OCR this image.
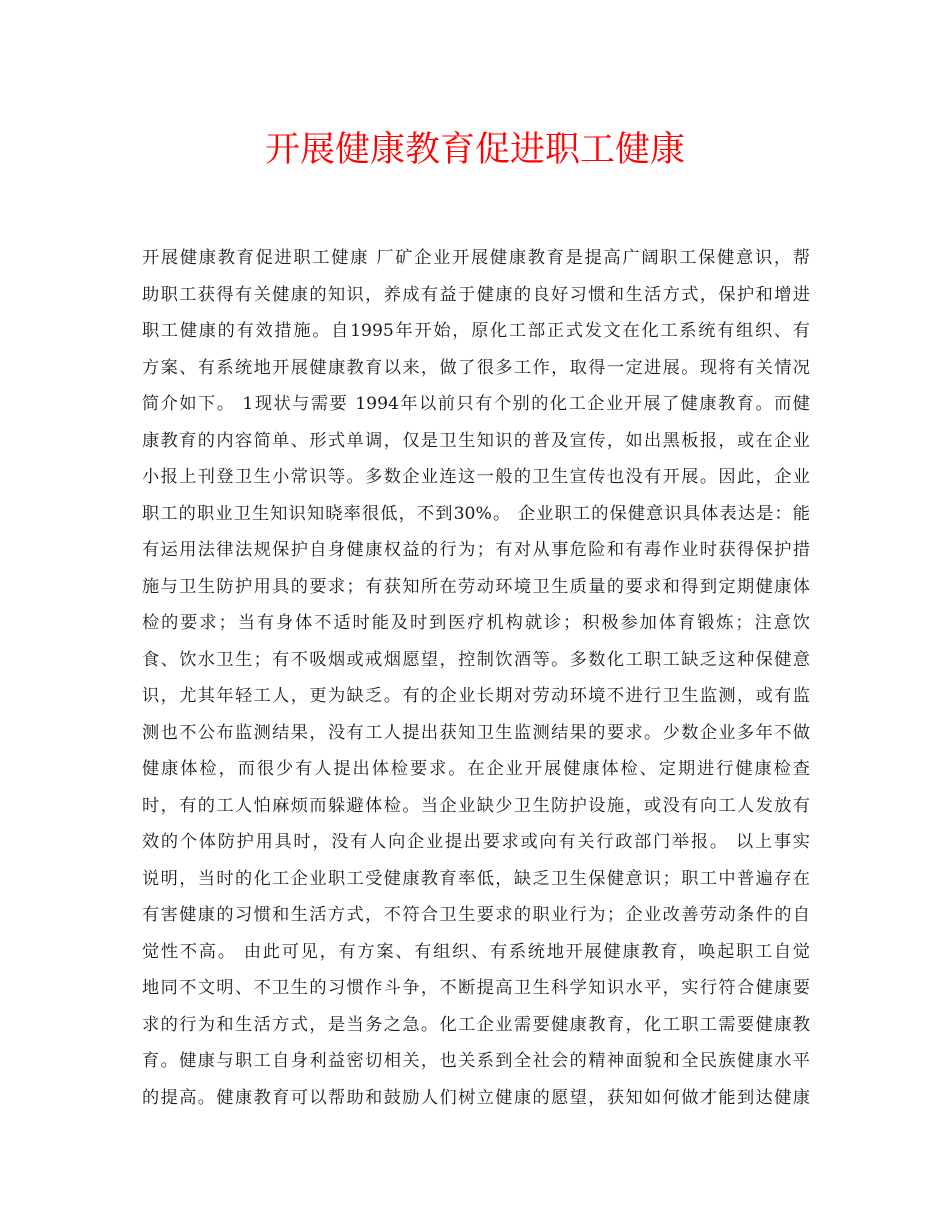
开展健康教育促进职工健康
开展健康教育促进职工健康 厂矿企业开展健康教育是提高广阔职工保健意识，帮
助职工获得有关健康的知识，养成有益于健康的良好习惯和生活方式，保护和增进
职工健康的有效措施。自1995年开始，原化工部正式发文在化工系统有组织、有
方案、有系统地开展健康教育以来，做了很多工作，取得一定进展。现将有关情况
简介如下。 1现状与需要 1994年以前只有个别的化工企业开展了健康教育。而健
康教育的内容简单、形式单调，仅是卫生知识的普及宣传，如出黑板报，或在企业
小报上刊登卫生小常识等。多数企业连这一般的卫生宣传也没有开展。因此，企业
职工的职业卫生知识知晓率很低，不到30%。 企业职工的保健意识具体表达是：能
有运用法律法规保护自身健康权益的行为；有对从事危险和有毒作业时获得保护措
施与卫生防护用具的要求；有获知所在劳动环境卫生质量的要求和得到定期健康体
检的要求；当有身体不适时能及时到医疗机构就诊；积极参加体育锻炼；注意饮
食、饮水卫生；有不吸烟或戒烟愿望，控制饮酒等。多数化工职工缺乏这种保健意
识，尤其年轻工人，更为缺乏。有的企业长期对劳动环境不进行卫生监测，或有监
测也不公布监测结果，没有工人提出获知卫生监测结果的要求。少数企业多年不做
健康体检，而很少有人提出体检要求。在企业开展健康体检、定期进行健康检查
时，有的工人怕麻烦而躲避体检。当企业缺少卫生防护设施，或没有向工人发放有
效的个体防护用具时，没有人向企业提出要求或向有关行政部门举报。 以上事实
说明，当时的化工企业职工受健康教育率低，缺乏卫生保健意识；职工中普遍存在
有害健康的习惯和生活方式，不符合卫生要求的职业行为；企业改善劳动条件的自
觉性不高。 由此可见，有方案、有组织、有系统地开展健康教育，唤起职工自觉
地同不文明、不卫生的习惯作斗争，不断提高卫生科学知识水平，实行符合健康要
求的行为和生活方式，是当务之急。化工企业需要健康教育，化工职工需要健康教
育。健康与职工自身利益密切相关，也关系到全社会的精神面貌和全民族健康水平
的提高。健康教育可以帮助和鼓励人们树立健康的愿望，获知如何做才能到达健康
